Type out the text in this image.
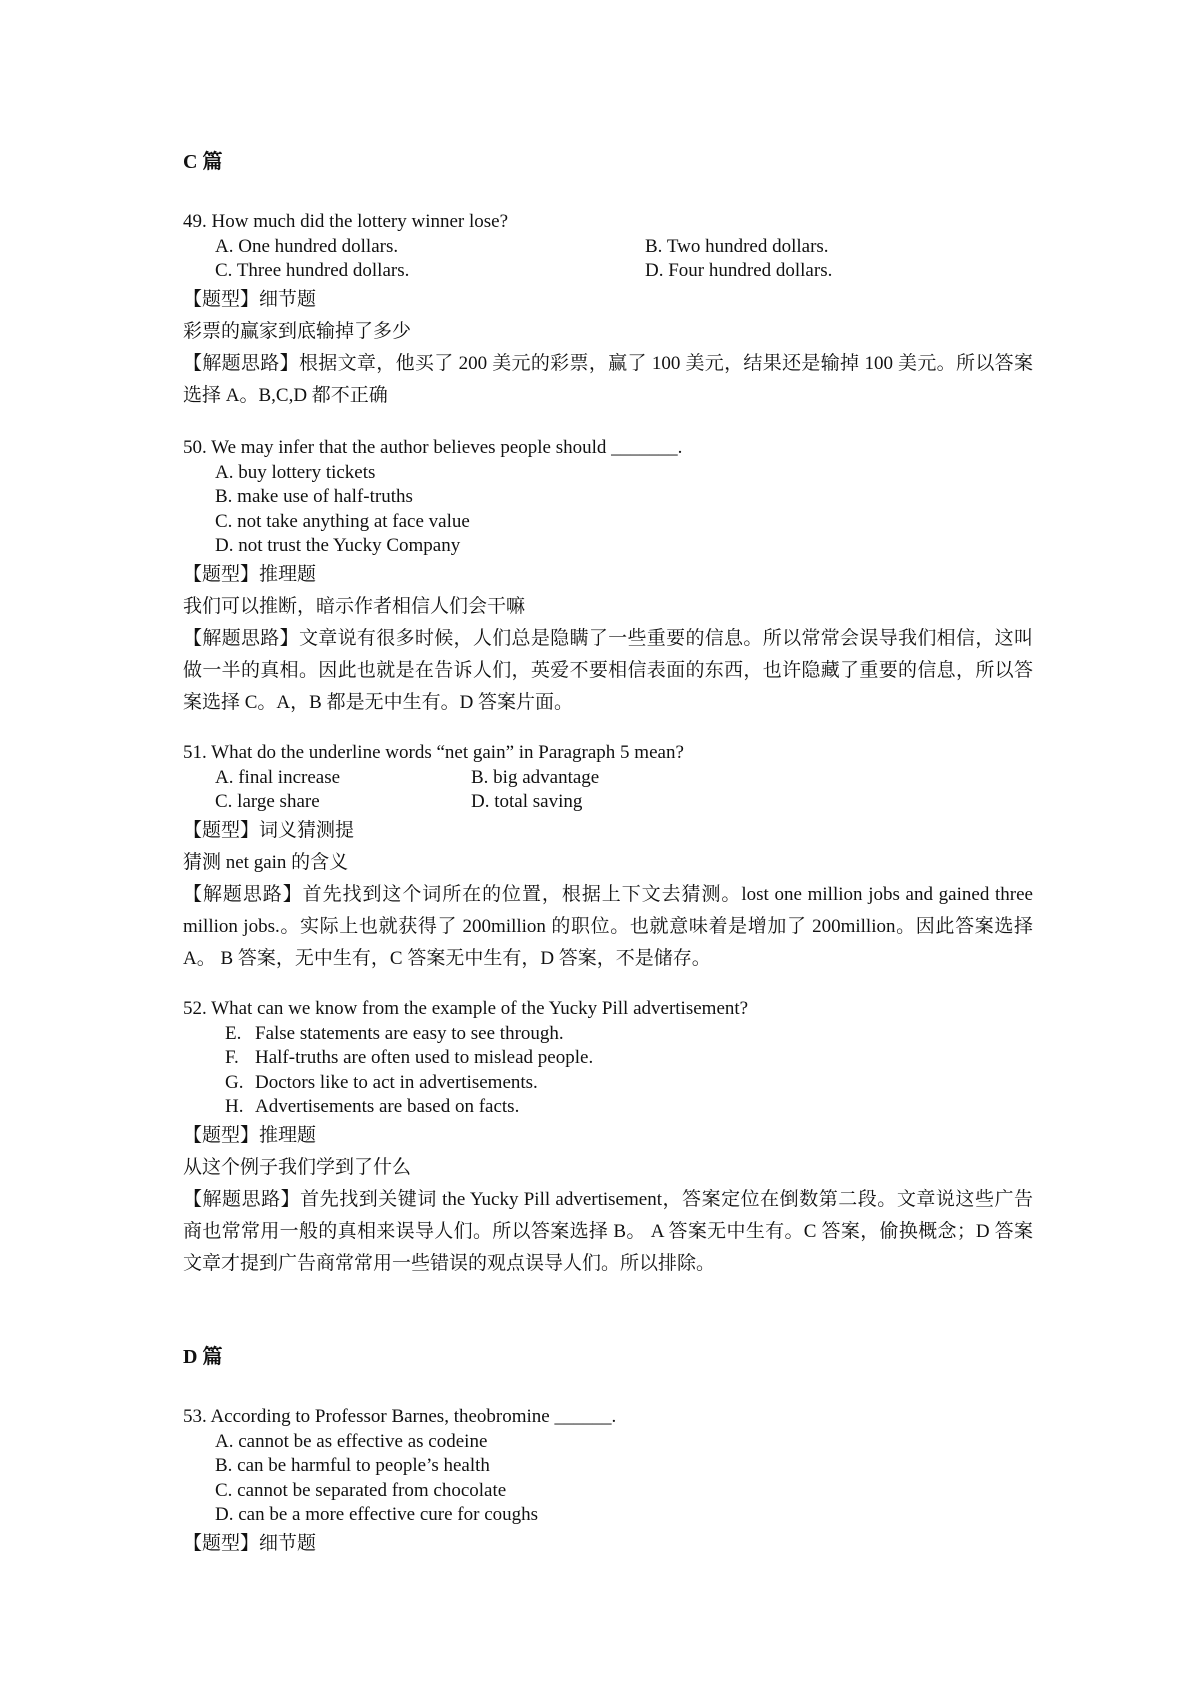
C 篇
49. How much did the lottery winner lose?
A. One hundred dollars.	B. Two hundred dollars.
C. Three hundred dollars.	D. Four hundred dollars.
【题型】细节题
彩票的赢家到底输掉了多少
【解题思路】根据文章，他买了 200 美元的彩票，赢了 100 美元，结果还是输掉 100 美元。所以答案选择 A。B,C,D 都不正确
50. We may infer that the author believes people should _______.
A. buy lottery tickets
B. make use of half-truths
C. not take anything at face value
D. not trust the Yucky Company
【题型】推理题
我们可以推断，暗示作者相信人们会干嘛
【解题思路】文章说有很多时候，人们总是隐瞒了一些重要的信息。所以常常会误导我们相信，这叫做一半的真相。因此也就是在告诉人们，英爱不要相信表面的东西，也许隐藏了重要的信息，所以答案选择 C。A，B 都是无中生有。D 答案片面。
51. What do the underline words “net gain” in Paragraph 5 mean?
A. final increase	B. big advantage
C. large share	D. total saving
【题型】词义猜测提
猜测 net gain 的含义
【解题思路】首先找到这个词所在的位置，根据上下文去猜测。lost one million jobs and gained three million jobs.。实际上也就获得了 200million 的职位。也就意味着是增加了 200million。因此答案选择 A。 B 答案，无中生有，C 答案无中生有，D 答案，不是储存。
52. What can we know from the example of the Yucky Pill advertisement?
E. False statements are easy to see through.
F. Half-truths are often used to mislead people.
G. Doctors like to act in advertisements.
H. Advertisements are based on facts.
【题型】推理题
从这个例子我们学到了什么
【解题思路】首先找到关键词 the Yucky Pill advertisement，答案定位在倒数第二段。文章说这些广告商也常常用一般的真相来误导人们。所以答案选择 B。 A 答案无中生有。C 答案，偷换概念；D 答案文章才提到广告商常常用一些错误的观点误导人们。所以排除。
D 篇
53. According to Professor Barnes, theobromine ______.
A. cannot be as effective as codeine
B. can be harmful to people’s health
C. cannot be separated from chocolate
D. can be a more effective cure for coughs
【题型】细节题
